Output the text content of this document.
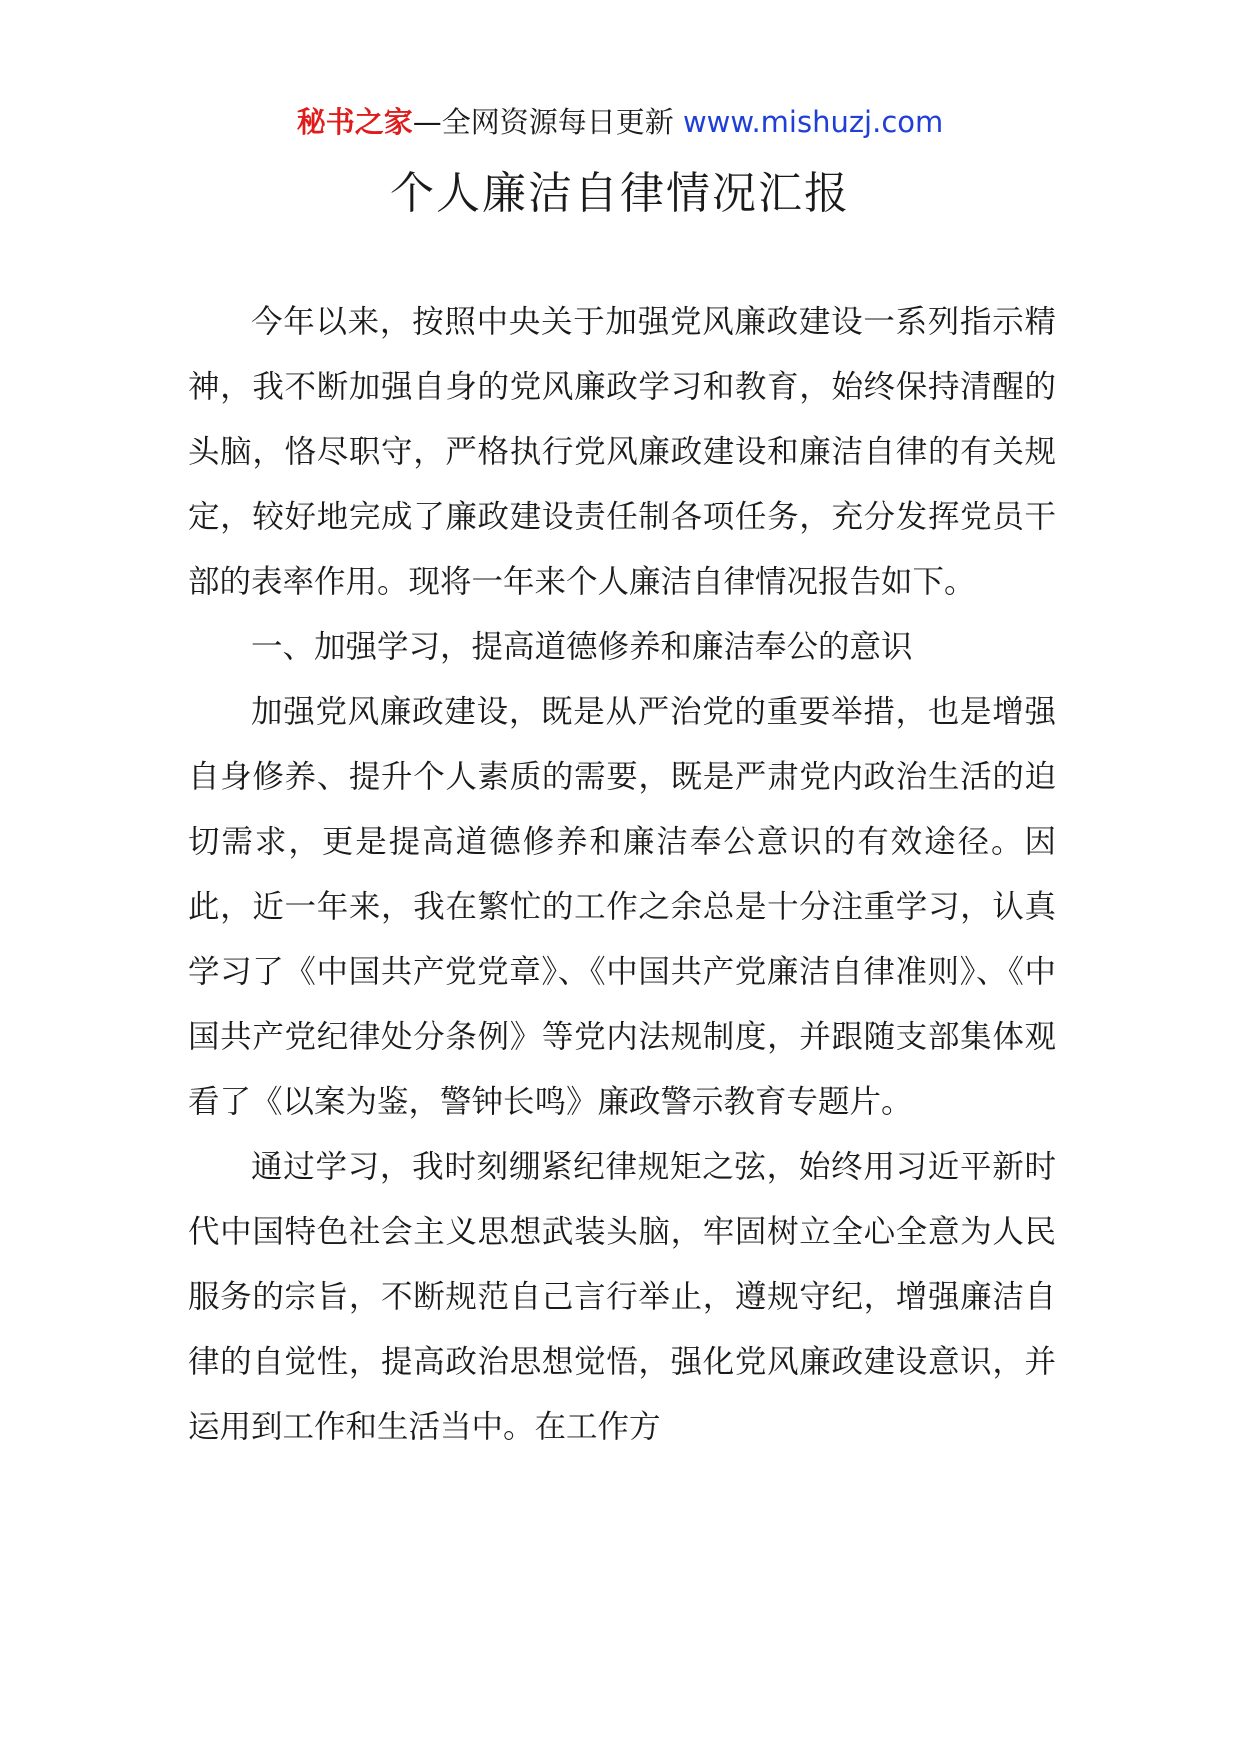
秘书之家—全网资源每日更新 www.mishuzj.com
个人廉洁自律情况汇报

今年以来，按照中央关于加强党风廉政建设一系列指示精神，我不断加强自身的党风廉政学习和教育，始终保持清醒的头脑，恪尽职守，严格执行党风廉政建设和廉洁自律的有关规定，较好地完成了廉政建设责任制各项任务，充分发挥党员干部的表率作用。现将一年来个人廉洁自律情况报告如下。

一、加强学习，提高道德修养和廉洁奉公的意识

加强党风廉政建设，既是从严治党的重要举措，也是增强自身修养、提升个人素质的需要，既是严肃党内政治生活的迫切需求，更是提高道德修养和廉洁奉公意识的有效途径。因此，近一年来，我在繁忙的工作之余总是十分注重学习，认真学习了《中国共产党党章》、《中国共产党廉洁自律准则》、《中国共产党纪律处分条例》等党内法规制度，并跟随支部集体观看了《以案为鉴，警钟长鸣》廉政警示教育专题片。

通过学习，我时刻绷紧纪律规矩之弦，始终用习近平新时代中国特色社会主义思想武装头脑，牢固树立全心全意为人民服务的宗旨，不断规范自己言行举止，遵规守纪，增强廉洁自律的自觉性，提高政治思想觉悟，强化党风廉政建设意识，并运用到工作和生活当中。在工作方
